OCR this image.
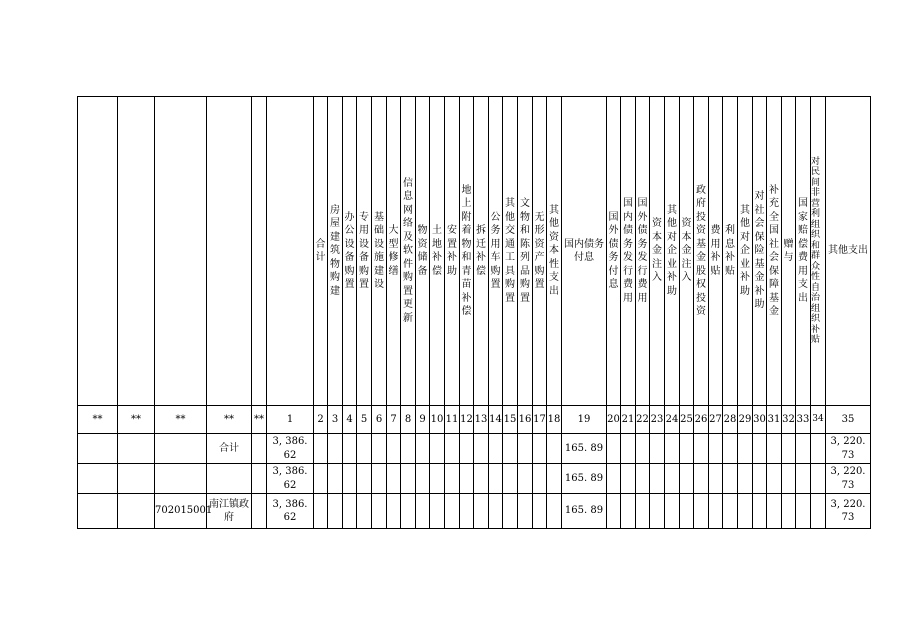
						合计	房屋建筑物购建	办公设备购置	专用设备购置	基础设施建设	大型修缮	信息网络及软件购置更新	物资储备	土地补偿	安置补助	地上附着物和青苗补偿	拆迁补偿	公务用车购置	其他交通工具购置	文物和陈列品购置	无形资产购置	其他资本性支出	国内债务付息	国外债务付息	国内债务发行费用	国外债务发行费用	资本金注入	其他对企业补助	资本金注入	政府投资基金股权投资	费用补贴	利息补贴	其他对企业补助	对社会保险基金补助	补充全国社会保障基金	赠与	国家赔偿费用支出	对民间非营利组织和群众性自治组织补贴	其他支出
**	**	**	**	**	1	2	3	4	5	6	7	8	9	10	11	12	13	14	15	16	17	18	19	20	21	22	23	24	25	26	27	28	29	30	31	32	33	34	35
			合计		3, 386. 62																		165. 89																3, 220. 73
					3, 386. 62																		165. 89																3, 220. 73
		702015001	南江镇政府		3, 386. 62																		165. 89																3, 220. 73
